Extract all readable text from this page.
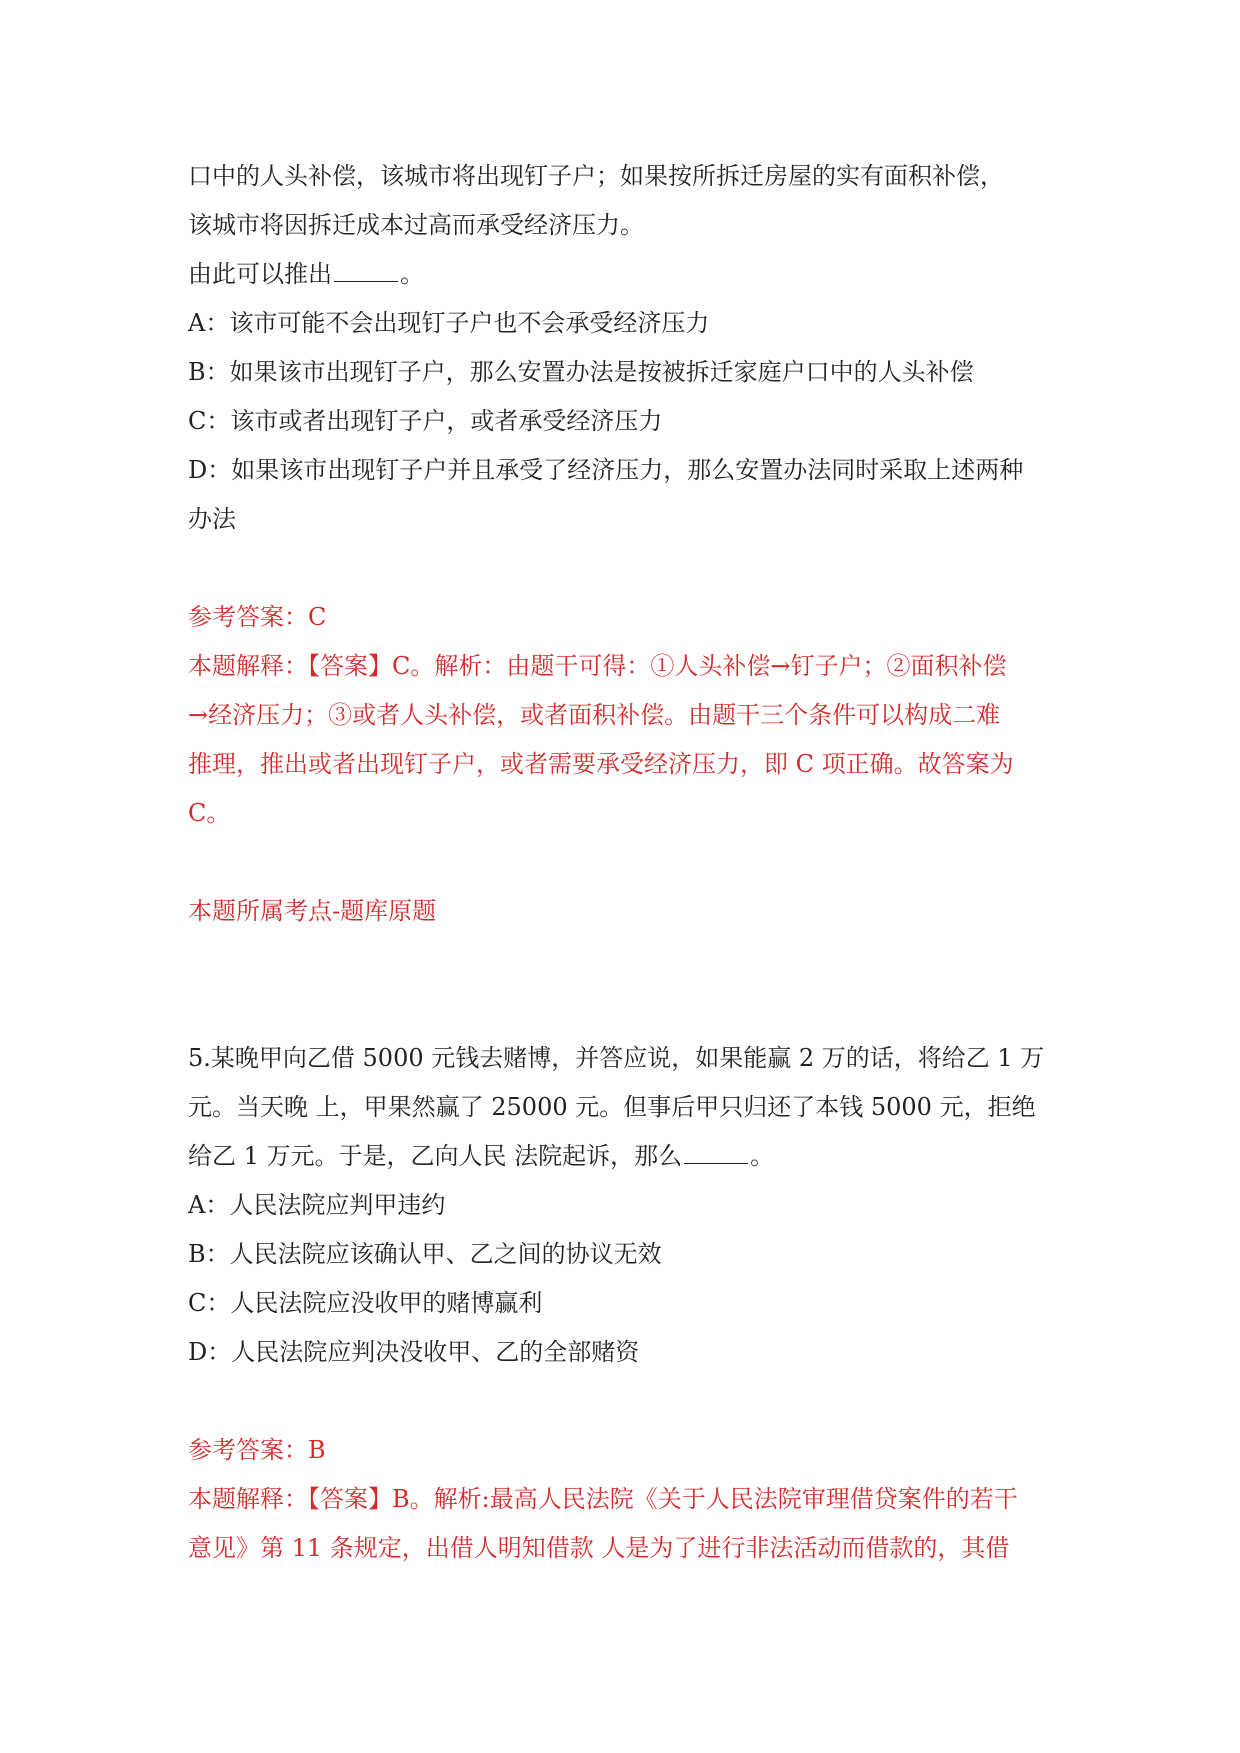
口中的人头补偿，该城市将出现钉子户；如果按所拆迁房屋的实有面积补偿，
该城市将因拆迁成本过高而承受经济压力。
由此可以推出	。
A：该市可能不会出现钉子户也不会承受经济压力
B：如果该市出现钉子户，那么安置办法是按被拆迁家庭户口中的人头补偿
C：该市或者出现钉子户，或者承受经济压力
D：如果该市出现钉子户并且承受了经济压力，那么安置办法同时采取上述两种
办法
参考答案：C
本题解释：【答案】C。解析：由题干可得：①人头补偿→钉子户；②面积补偿
→经济压力；③或者人头补偿，或者面积补偿。由题干三个条件可以构成二难
推理，推出或者出现钉子户，或者需要承受经济压力，即 C 项正确。故答案为
C。
本题所属考点-题库原题
5.某晚甲向乙借 5000 元钱去赌博，并答应说，如果能赢 2 万的话，将给乙 1 万
元。当天晚 上，甲果然赢了 25000 元。但事后甲只归还了本钱 5000 元，拒绝
给乙 1 万元。于是，乙向人民 法院起诉，那么	。
A：人民法院应判甲违约
B：人民法院应该确认甲、乙之间的协议无效
C：人民法院应没收甲的赌博赢利
D：人民法院应判决没收甲、乙的全部赌资
参考答案：B
本题解释：【答案】B。解析:最高人民法院《关于人民法院审理借贷案件的若干
意见》第 11 条规定，出借人明知借款 人是为了进行非法活动而借款的，其借
